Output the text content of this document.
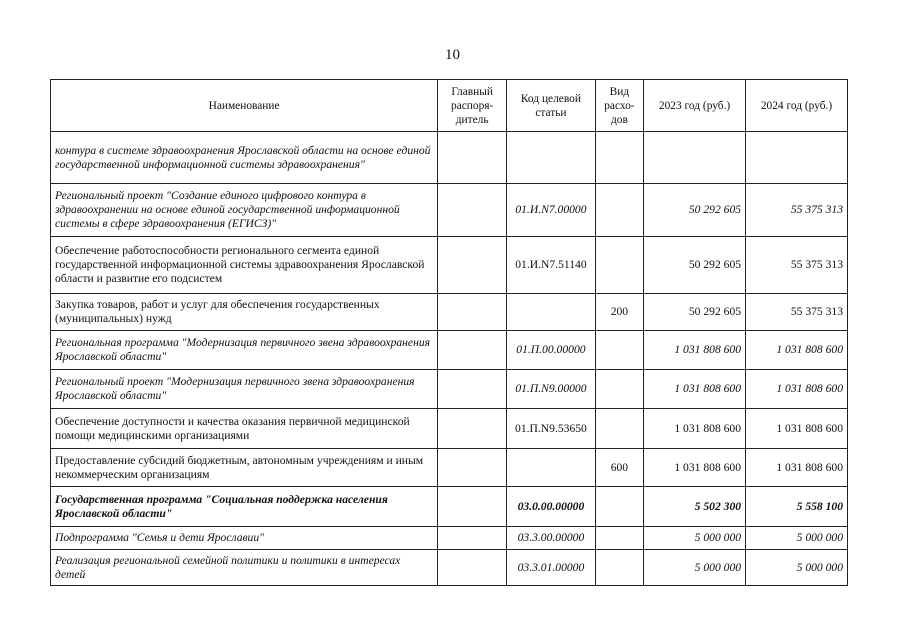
10
Наименование	Главный распоря-дитель	Код целевой статьи	Вид расхо-дов	2023 год (руб.)	2024 год (руб.)
контура в системе здравоохранения Ярославской области на основе единой государственной информационной системы здравоохранения"					
Региональный проект "Создание единого цифрового контура в здравоохранении на основе единой государственной информационной системы в сфере здравоохранения (ЕГИСЗ)"		01.И.N7.00000		50 292 605	55 375 313
Обеспечение работоспособности регионального сегмента единой государственной информационной системы здравоохранения Ярославской области и развитие его подсистем		01.И.N7.51140		50 292 605	55 375 313
Закупка товаров, работ и услуг для обеспечения государственных (муниципальных) нужд			200	50 292 605	55 375 313
Региональная программа "Модернизация первичного звена здравоохранения Ярославской области"		01.П.00.00000		1 031 808 600	1 031 808 600
Региональный проект "Модернизация первичного звена здравоохранения Ярославской области"		01.П.N9.00000		1 031 808 600	1 031 808 600
Обеспечение доступности и качества оказания первичной медицинской помощи медицинскими организациями		01.П.N9.53650		1 031 808 600	1 031 808 600
Предоставление субсидий бюджетным, автономным учреждениям и иным некоммерческим организациям			600	1 031 808 600	1 031 808 600
Государственная программа "Социальная поддержка населения Ярославской области"		03.0.00.00000		5 502 300	5 558 100
Подпрограмма "Семья и дети Ярославии"		03.3.00.00000		5 000 000	5 000 000
Реализация региональной семейной политики и политики в интересах детей		03.3.01.00000		5 000 000	5 000 000
